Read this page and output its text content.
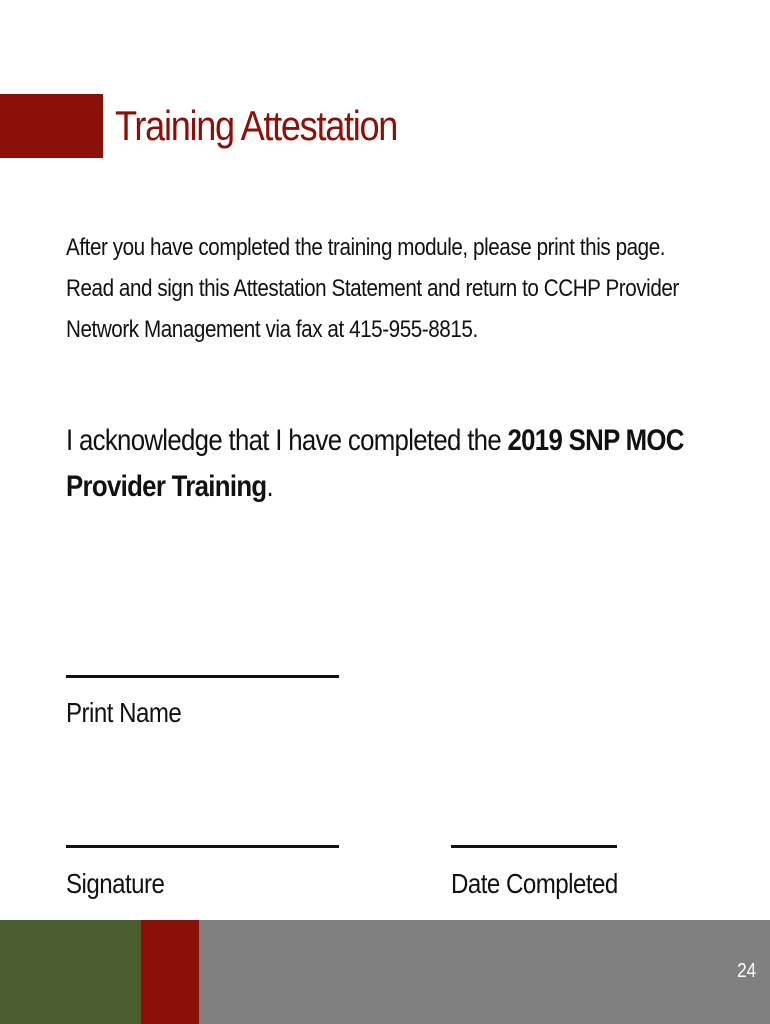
Training Attestation
After you have completed the training module, please print this page.
Read and sign this Attestation Statement and return to CCHP Provider
Network Management via fax at 415-955-8815.
I acknowledge that I have completed the 2019 SNP MOC
Provider Training.

Print Name

Signature	Date Completed

24
